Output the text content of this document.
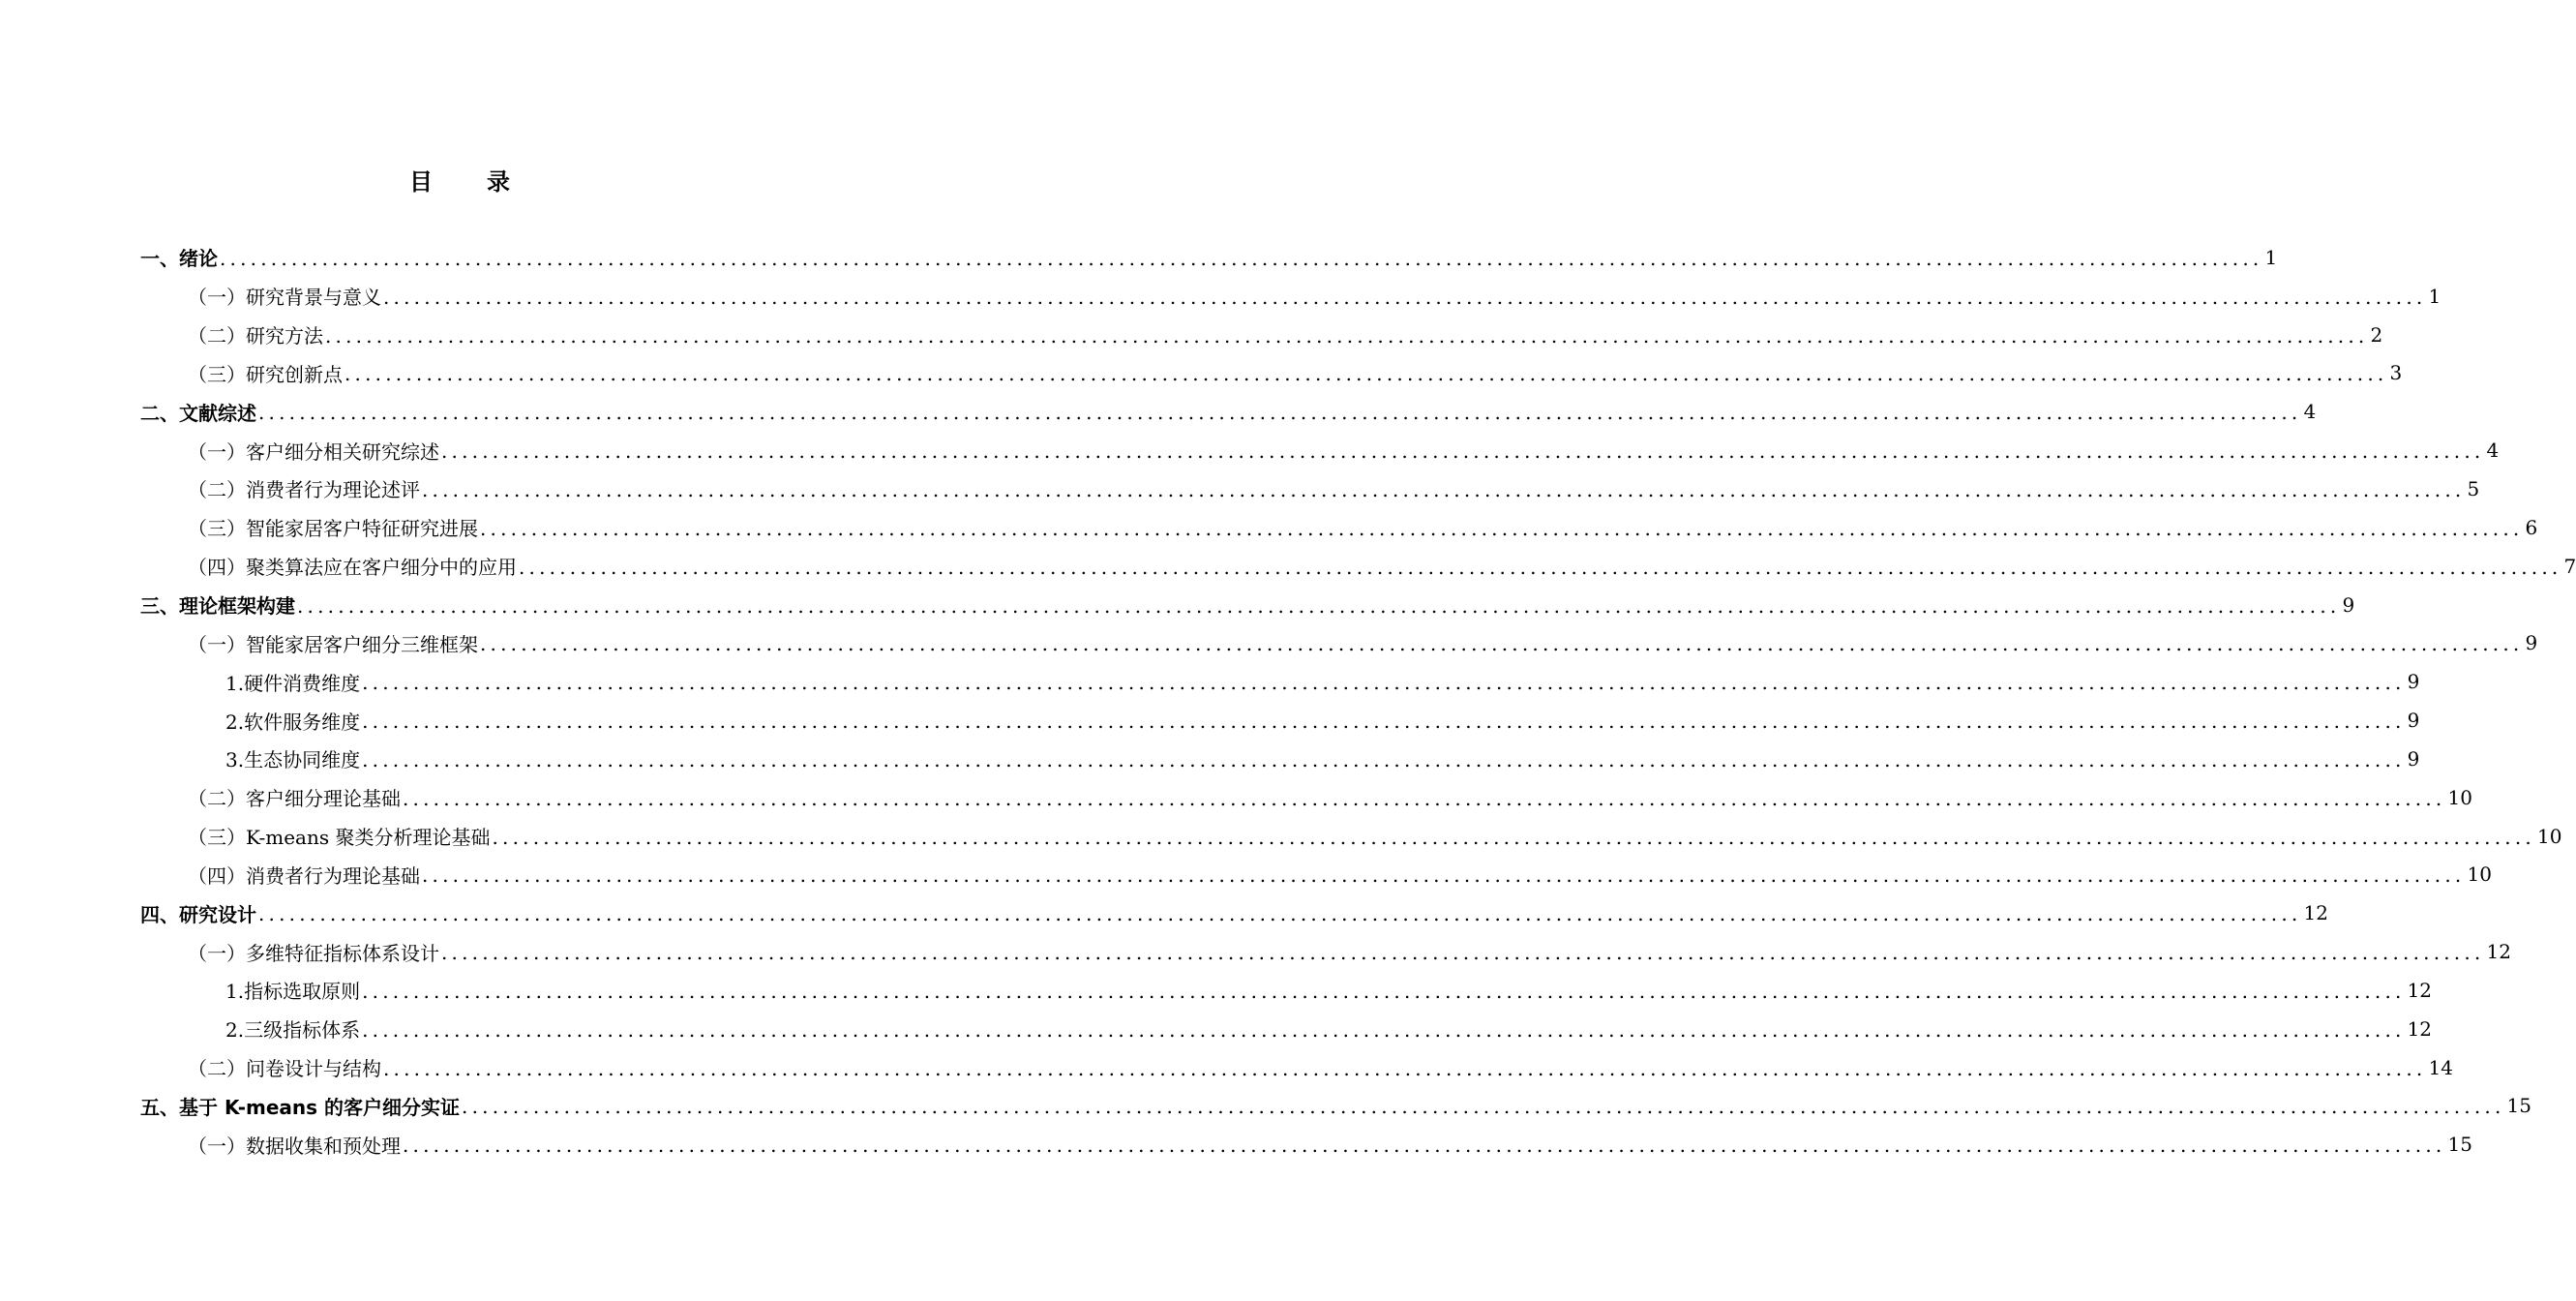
目 录
一、绪论 ........................................................................................................................................................................................................ 1
（一）研究背景与意义 ........................................................................................................................................................................................................ 1
（二）研究方法 ........................................................................................................................................................................................................ 2
（三）研究创新点 ........................................................................................................................................................................................................ 3
二、文献综述 ........................................................................................................................................................................................................ 4
（一）客户细分相关研究综述 ........................................................................................................................................................................................................ 4
（二）消费者行为理论述评 ........................................................................................................................................................................................................ 5
（三）智能家居客户特征研究进展 ........................................................................................................................................................................................................ 6
（四）聚类算法应在客户细分中的应用 ........................................................................................................................................................................................................ 7
三、理论框架构建 ........................................................................................................................................................................................................ 9
（一）智能家居客户细分三维框架 ........................................................................................................................................................................................................ 9
1.硬件消费维度 ........................................................................................................................................................................................................ 9
2.软件服务维度 ........................................................................................................................................................................................................ 9
3.生态协同维度 ........................................................................................................................................................................................................ 9
（二）客户细分理论基础 ........................................................................................................................................................................................................ 10
（三）K-means 聚类分析理论基础 ........................................................................................................................................................................................................ 10
（四）消费者行为理论基础 ........................................................................................................................................................................................................ 10
四、研究设计 ........................................................................................................................................................................................................ 12
（一）多维特征指标体系设计 ........................................................................................................................................................................................................ 12
1.指标选取原则 ........................................................................................................................................................................................................ 12
2.三级指标体系 ........................................................................................................................................................................................................ 12
（二）问卷设计与结构 ........................................................................................................................................................................................................ 14
五、基于 K-means 的客户细分实证 ........................................................................................................................................................................................................ 15
（一）数据收集和预处理 ........................................................................................................................................................................................................ 15
